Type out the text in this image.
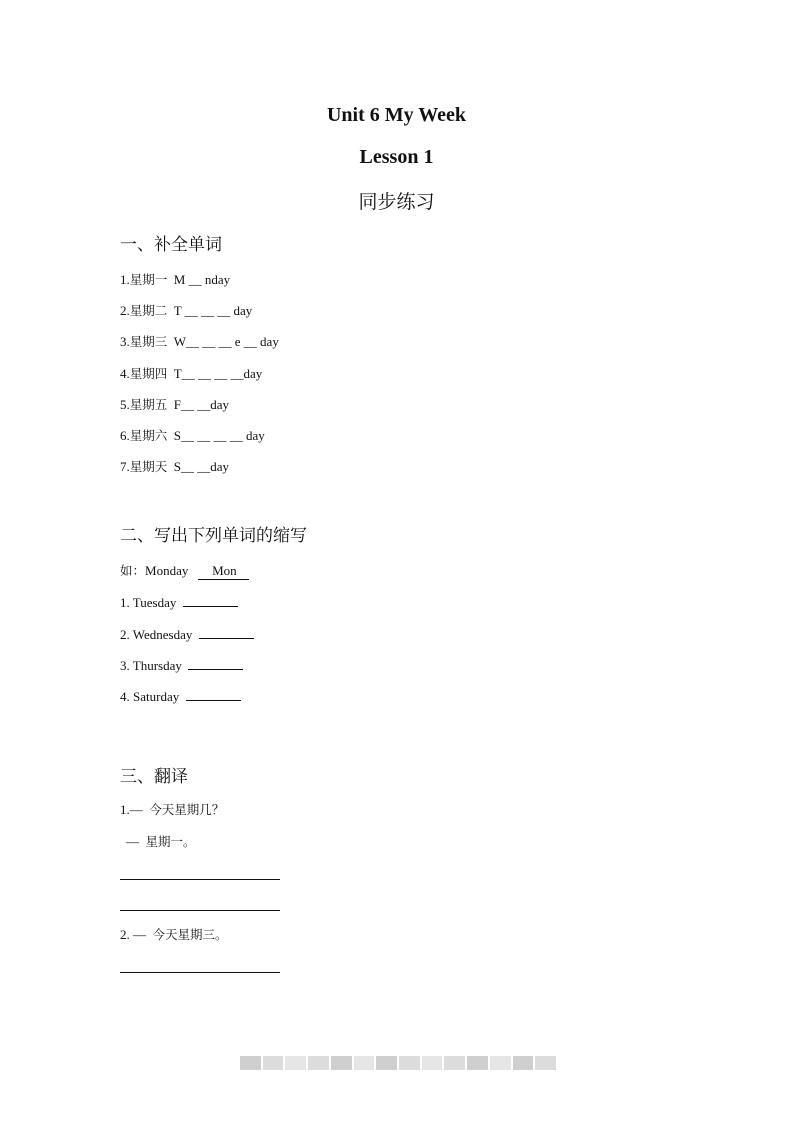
Unit 6 My Week
Lesson 1
同步练习
一、补全单词
1.星期一 M __ nday
2.星期二 T __ __ __ day
3.星期三 W__ __ __ e __ day
4.星期四 T__ __ __ __day
5.星期五 F__ __day
6.星期六 S__ __ __ __ day
7.星期天 S__ __day
二、写出下列单词的缩写
如：Monday Mon
1. Tuesday
2. Wednesday
3. Thursday
4. Saturday
三、翻译
1.— 今天星期几？
— 星期一。
2. — 今天星期三。
